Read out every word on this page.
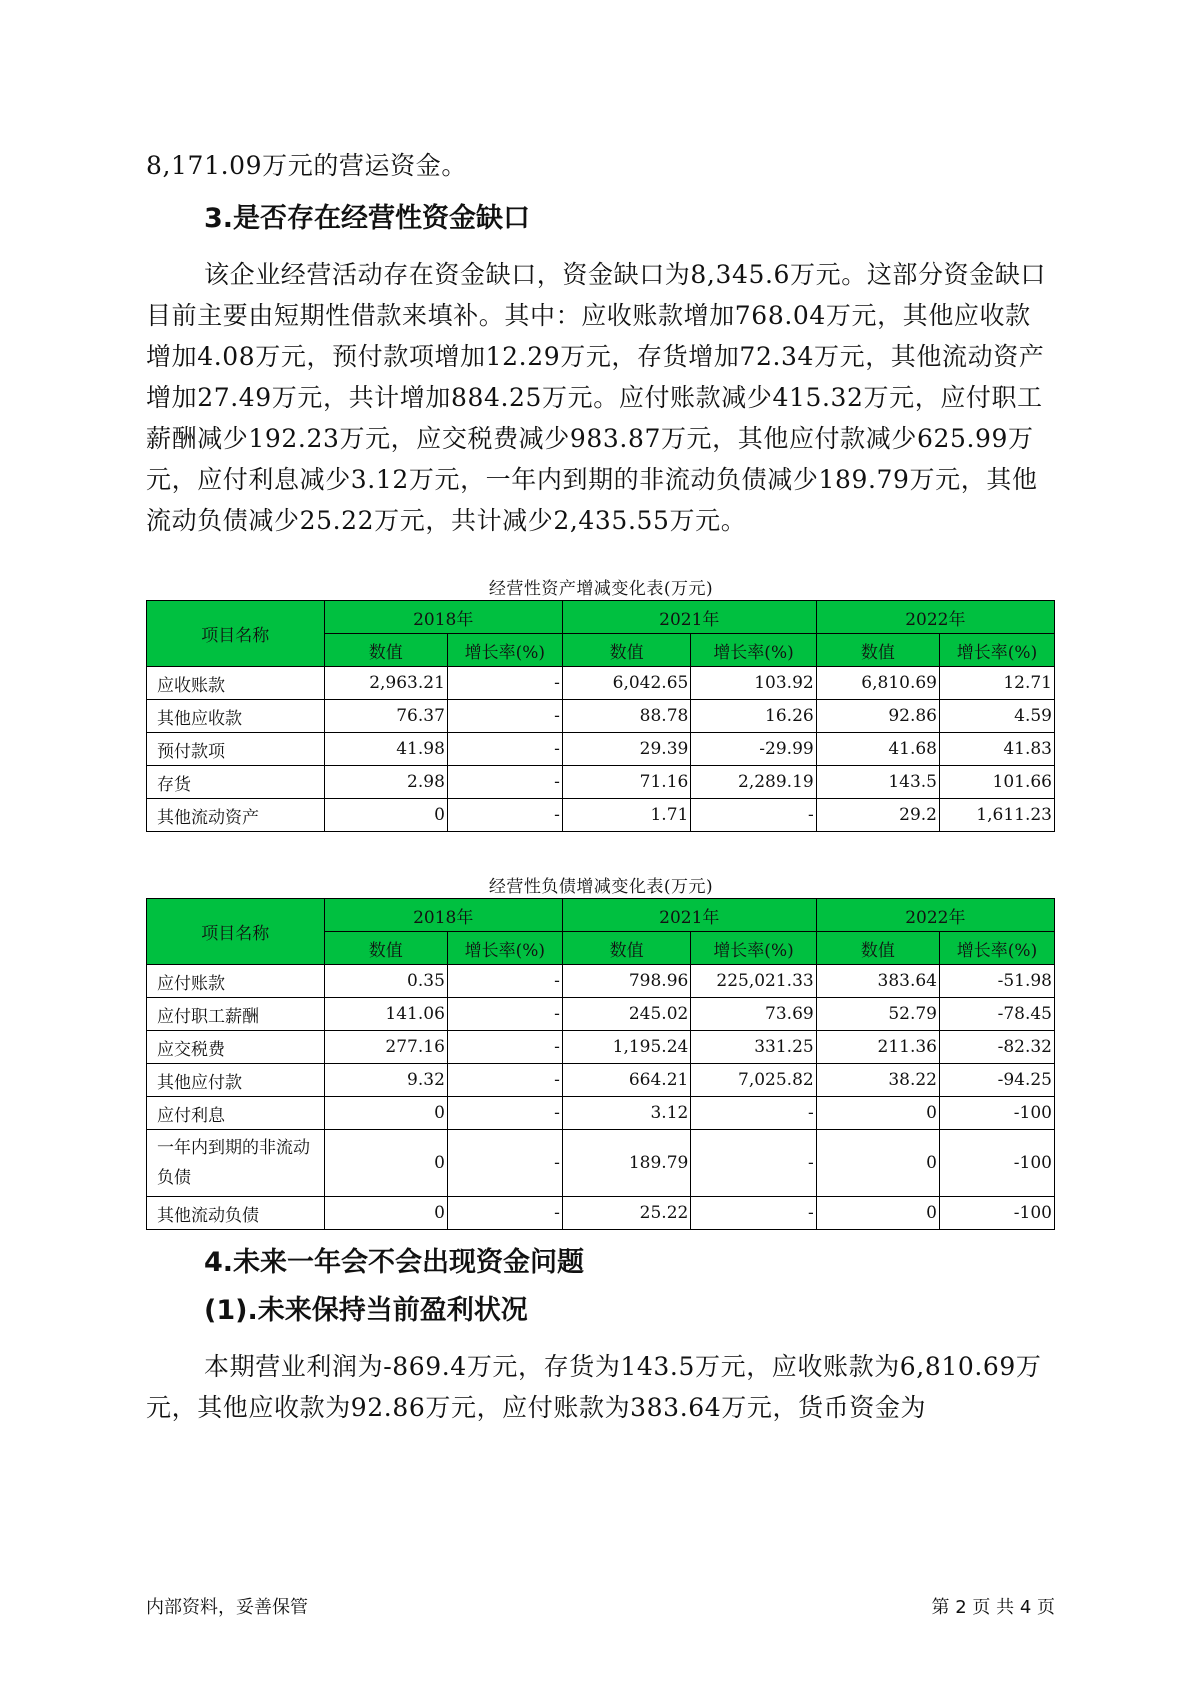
8,171.09万元的营运资金。

3.是否存在经营性资金缺口

该企业经营活动存在资金缺口，资金缺口为8,345.6万元。这部分资金缺口目前主要由短期性借款来填补。其中：应收账款增加768.04万元，其他应收款增加4.08万元，预付款项增加12.29万元，存货增加72.34万元，其他流动资产增加27.49万元，共计增加884.25万元。应付账款减少415.32万元，应付职工薪酬减少192.23万元，应交税费减少983.87万元，其他应付款减少625.99万元，应付利息减少3.12万元，一年内到期的非流动负债减少189.79万元，其他流动负债减少25.22万元，共计减少2,435.55万元。

经营性资产增减变化表(万元)

项目名称	2018年		2021年		2022年	
	数值	增长率(%)	数值	增长率(%)	数值	增长率(%)
应收账款	2,963.21	-	6,042.65	103.92	6,810.69	12.71
其他应收款	76.37	-	88.78	16.26	92.86	4.59
预付款项	41.98	-	29.39	-29.99	41.68	41.83
存货	2.98	-	71.16	2,289.19	143.5	101.66
其他流动资产	0	-	1.71	-	29.2	1,611.23

经营性负债增减变化表(万元)

项目名称	2018年		2021年		2022年	
	数值	增长率(%)	数值	增长率(%)	数值	增长率(%)
应付账款	0.35	-	798.96	225,021.33	383.64	-51.98
应付职工薪酬	141.06	-	245.02	73.69	52.79	-78.45
应交税费	277.16	-	1,195.24	331.25	211.36	-82.32
其他应付款	9.32	-	664.21	7,025.82	38.22	-94.25
应付利息	0	-	3.12	-	0	-100
一年内到期的非流动负债	0	-	189.79	-	0	-100
其他流动负债	0	-	25.22	-	0	-100
4.未来一年会不会出现资金问题
(1).未来保持当前盈利状况

本期营业利润为-869.4万元，存货为143.5万元，应收账款为6,810.69万元，其他应收款为92.86万元，应付账款为383.64万元，货币资金为

内部资料，妥善保管	第 2 页 共 4 页
